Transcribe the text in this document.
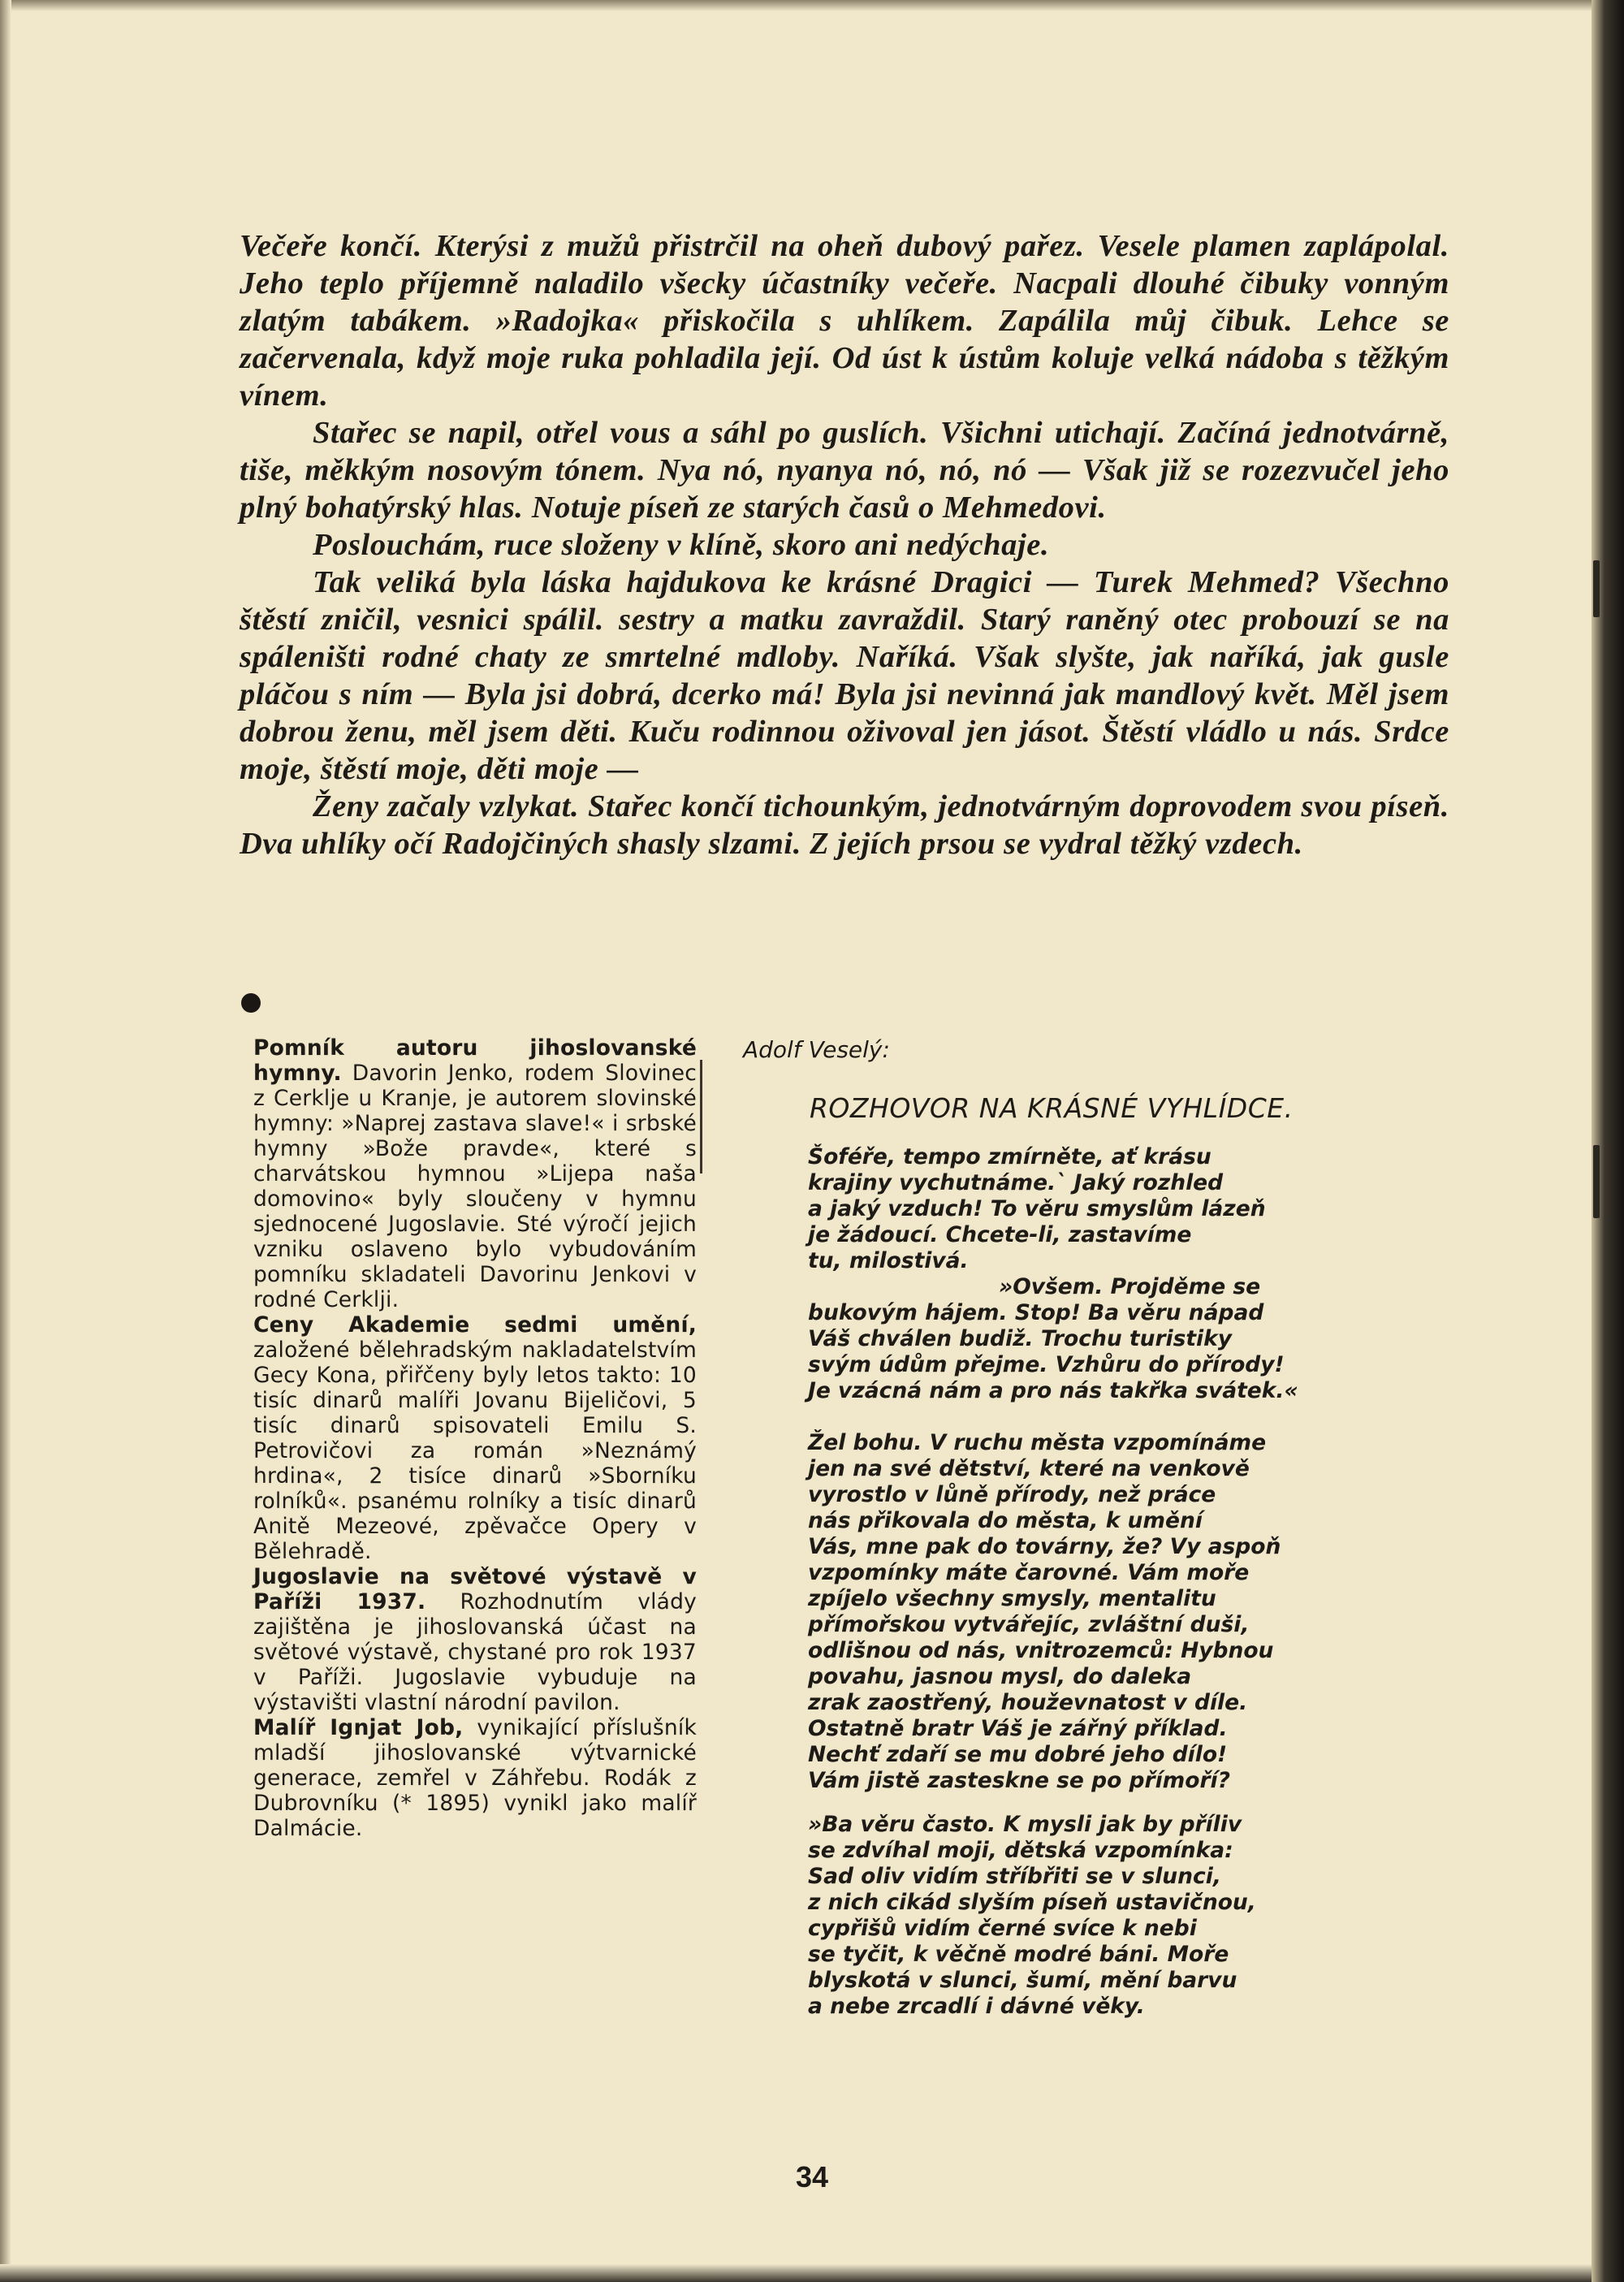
Večeře končí. Kterýsi z mužů přistrčil na oheň dubový pařez. Vesele plamen zaplápolal. Jeho teplo příjemně naladilo všecky účastníky večeře. Nacpali dlouhé čibuky vonným zlatým tabákem. »Radojka« přiskočila s uhlíkem. Zapálila můj čibuk. Lehce se začervenala, když moje ruka pohladila její. Od úst k ústům koluje velká nádoba s těžkým vínem.

Stařec se napil, otřel vous a sáhl po guslích. Všichni utichají. Začíná jednotvárně, tiše, měkkým nosovým tónem. Nya nó, nyanya nó, nó, nó — Však již se rozezvučel jeho plný bohatýrský hlas. Notuje píseň ze starých časů o Mehmedovi.

Poslouchám, ruce složeny v klíně, skoro ani nedýchaje.

Tak veliká byla láska hajdukova ke krásné Dragici — Turek Mehmed? Všechno štěstí zničil, vesnici spálil. sestry a matku zavraždil. Starý raněný otec probouzí se na spáleništi rodné chaty ze smrtelné mdloby. Naříká. Však slyšte, jak naříká, jak gusle pláčou s ním — Byla jsi dobrá, dcerko má! Byla jsi nevinná jak mandlový květ. Měl jsem dobrou ženu, měl jsem děti. Kuču rodinnou oživoval jen jásot. Štěstí vládlo u nás. Srdce moje, štěstí moje, děti moje —

Ženy začaly vzlykat. Stařec končí tichounkým, jednotvárným doprovodem svou píseň. Dva uhlíky očí Radojčiných shasly slzami. Z jejích prsou se vydral těžký vzdech.

Pomník autoru jihoslovanské hymny. Davorin Jenko, rodem Slovinec z Cerklje u Kranje, je autorem slovinské hymny: »Naprej zastava slave!« i srbské hymny »Bože pravde«, které s charvátskou hymnou »Lijepa naša domovino« byly sloučeny v hymnu sjednocené Jugoslavie. Sté výročí jejich vzniku oslaveno bylo vybudováním pomníku skladateli Davorinu Jenkovi v rodné Cerklji.

Ceny Akademie sedmi umění, založené bělehradským nakladatelstvím Gecy Kona, přiřčeny byly letos takto: 10 tisíc dinarů malíři Jovanu Bijeličovi, 5 tisíc dinarů spisovateli Emilu S. Petrovičovi za román »Neznámý hrdina«, 2 tisíce dinarů »Sborníku rolníků«. psanému rolníky a tisíc dinarů Anitě Mezeové, zpěvačce Opery v Bělehradě.

Jugoslavie na světové výstavě v Paříži 1937. Rozhodnutím vlády zajištěna je jihoslovanská účast na světové výstavě, chystané pro rok 1937 v Paříži. Jugoslavie vybuduje na výstavišti vlastní národní pavilon.

Malíř Ignjat Job, vynikající příslušník mladší jihoslovanské výtvarnické generace, zemřel v Záhřebu. Rodák z Dubrovníku (* 1895) vynikl jako malíř Dalmácie.

Adolf Veselý:

ROZHOVOR NA KRÁSNÉ VYHLÍDCE.

Šoféře, tempo zmírněte, ať krásu
krajiny vychutnáme.` Jaký rozhled
a jaký vzduch! To věru smyslům lázeň
je žádoucí. Chcete-li, zastavíme
tu, milostivá.
»Ovšem. Projděme se
bukovým hájem. Stop! Ba věru nápad
Váš chválen budiž. Trochu turistiky
svým údům přejme. Vzhůru do přírody!
Je vzácná nám a pro nás takřka svátek.«
Žel bohu. V ruchu města vzpomínáme
jen na své dětství, které na venkově
vyrostlo v lůně přírody, než práce
nás přikovala do města, k umění
Vás, mne pak do továrny, že? Vy aspoň
vzpomínky máte čarovné. Vám moře
zpíjelo všechny smysly, mentalitu
přímořskou vytvářejíc, zvláštní duši,
odlišnou od nás, vnitrozemců: Hybnou
povahu, jasnou mysl, do daleka
zrak zaostřený, houževnatost v díle.
Ostatně bratr Váš je zářný příklad.
Nechť zdaří se mu dobré jeho dílo!
Vám jistě zasteskne se po přímoří?
»Ba věru často. K mysli jak by příliv
se zdvíhal moji, dětská vzpomínka:
Sad oliv vidím stříbřiti se v slunci,
z nich cikád slyším píseň ustavičnou,
cypřišů vidím černé svíce k nebi
se tyčit, k věčně modré báni. Moře
blyskotá v slunci, šumí, mění barvu
a nebe zrcadlí i dávné věky.
34
